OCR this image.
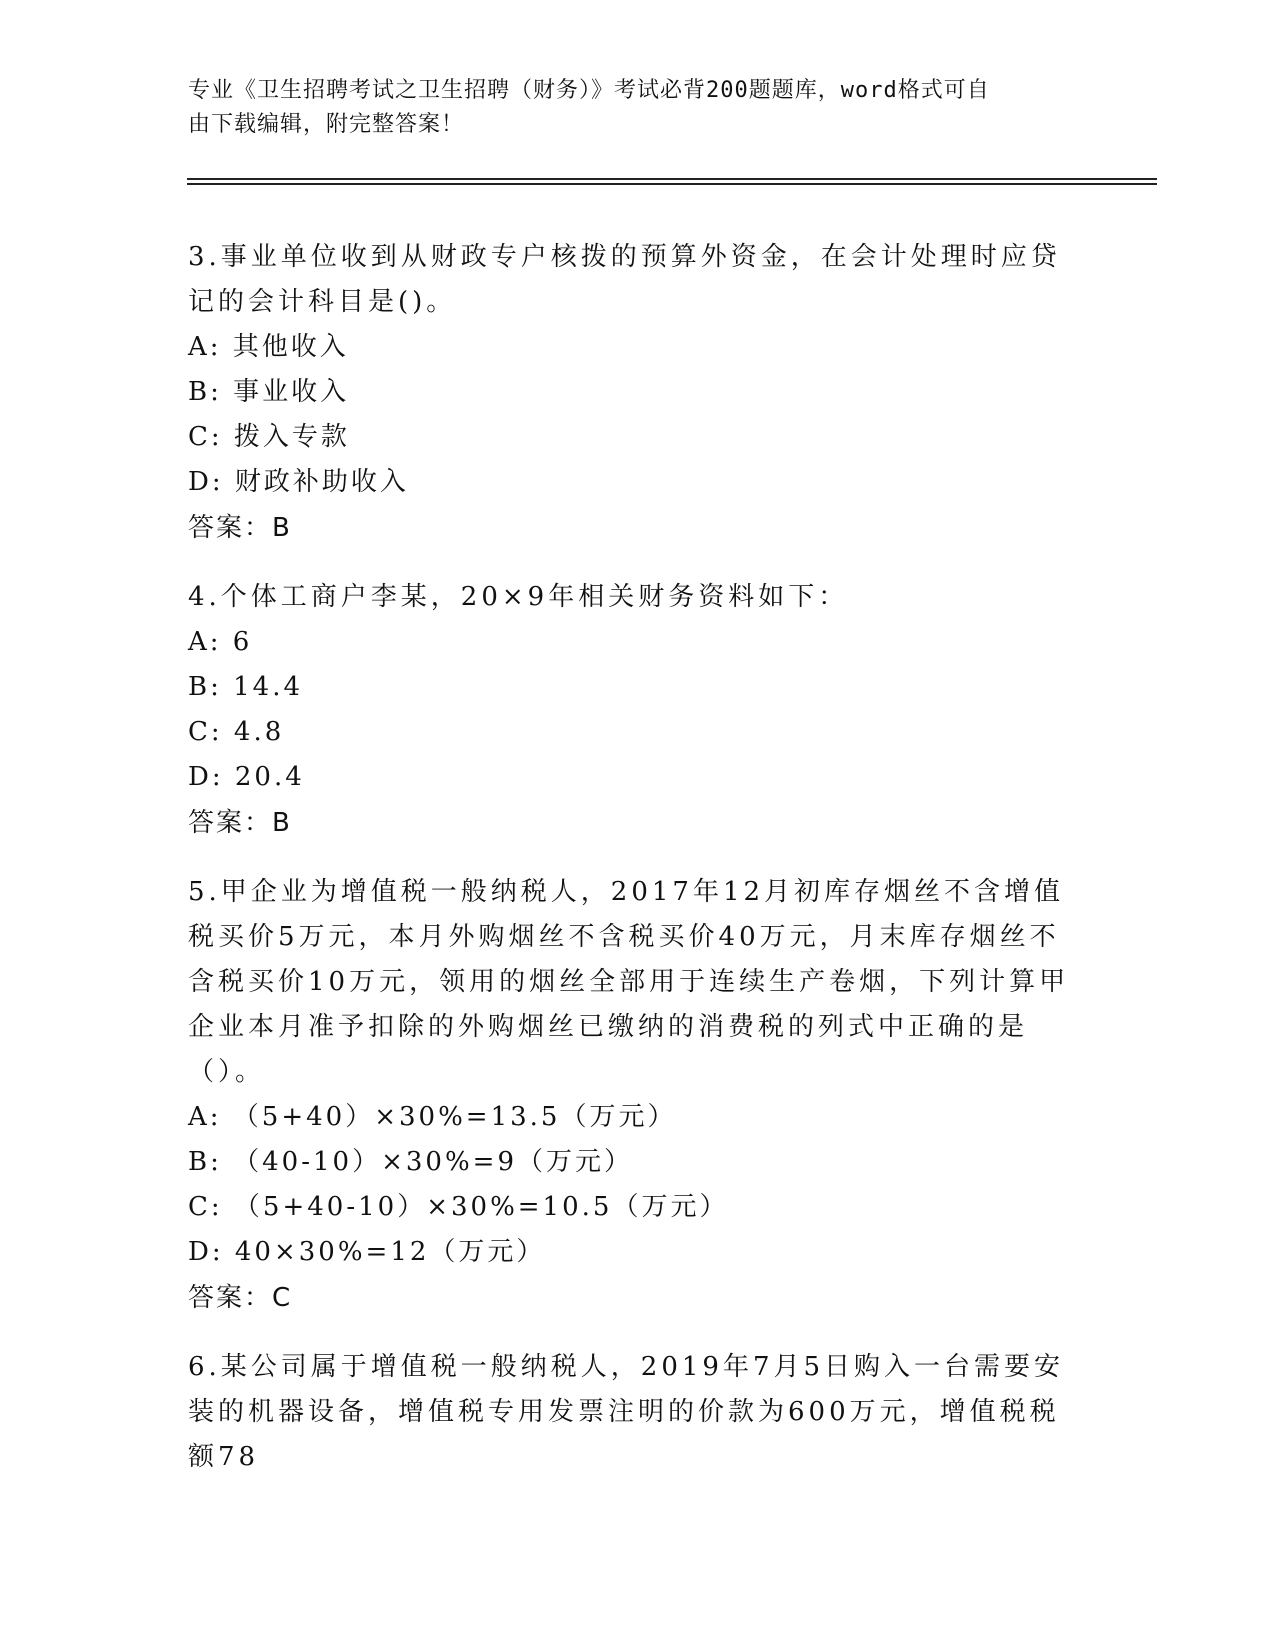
专业《卫生招聘考试之卫生招聘（财务）》考试必背200题题库，word格式可自
由下载编辑，附完整答案！

3.事业单位收到从财政专户核拨的预算外资金，在会计处理时应贷记的会计科目是()。

A: 其他收入

B: 事业收入

C: 拨入专款

D: 财政补助收入

答案：B

4.个体工商户李某，20×9年相关财务资料如下：

A: 6

B: 14.4

C: 4.8

D: 20.4

答案：B

5.甲企业为增值税一般纳税人，2017年12月初库存烟丝不含增值税买价5万元，本月外购烟丝不含税买价40万元，月末库存烟丝不含税买价10万元，领用的烟丝全部用于连续生产卷烟，下列计算甲企业本月准予扣除的外购烟丝已缴纳的消费税的列式中正确的是（）。

A: （5+40）×30%=13.5（万元）

B: （40-10）×30%=9（万元）

C: （5+40-10）×30%=10.5（万元）

D: 40×30%=12（万元）

答案：C

6.某公司属于增值税一般纳税人，2019年7月5日购入一台需要安装的机器设备，增值税专用发票注明的价款为600万元，增值税税额78
